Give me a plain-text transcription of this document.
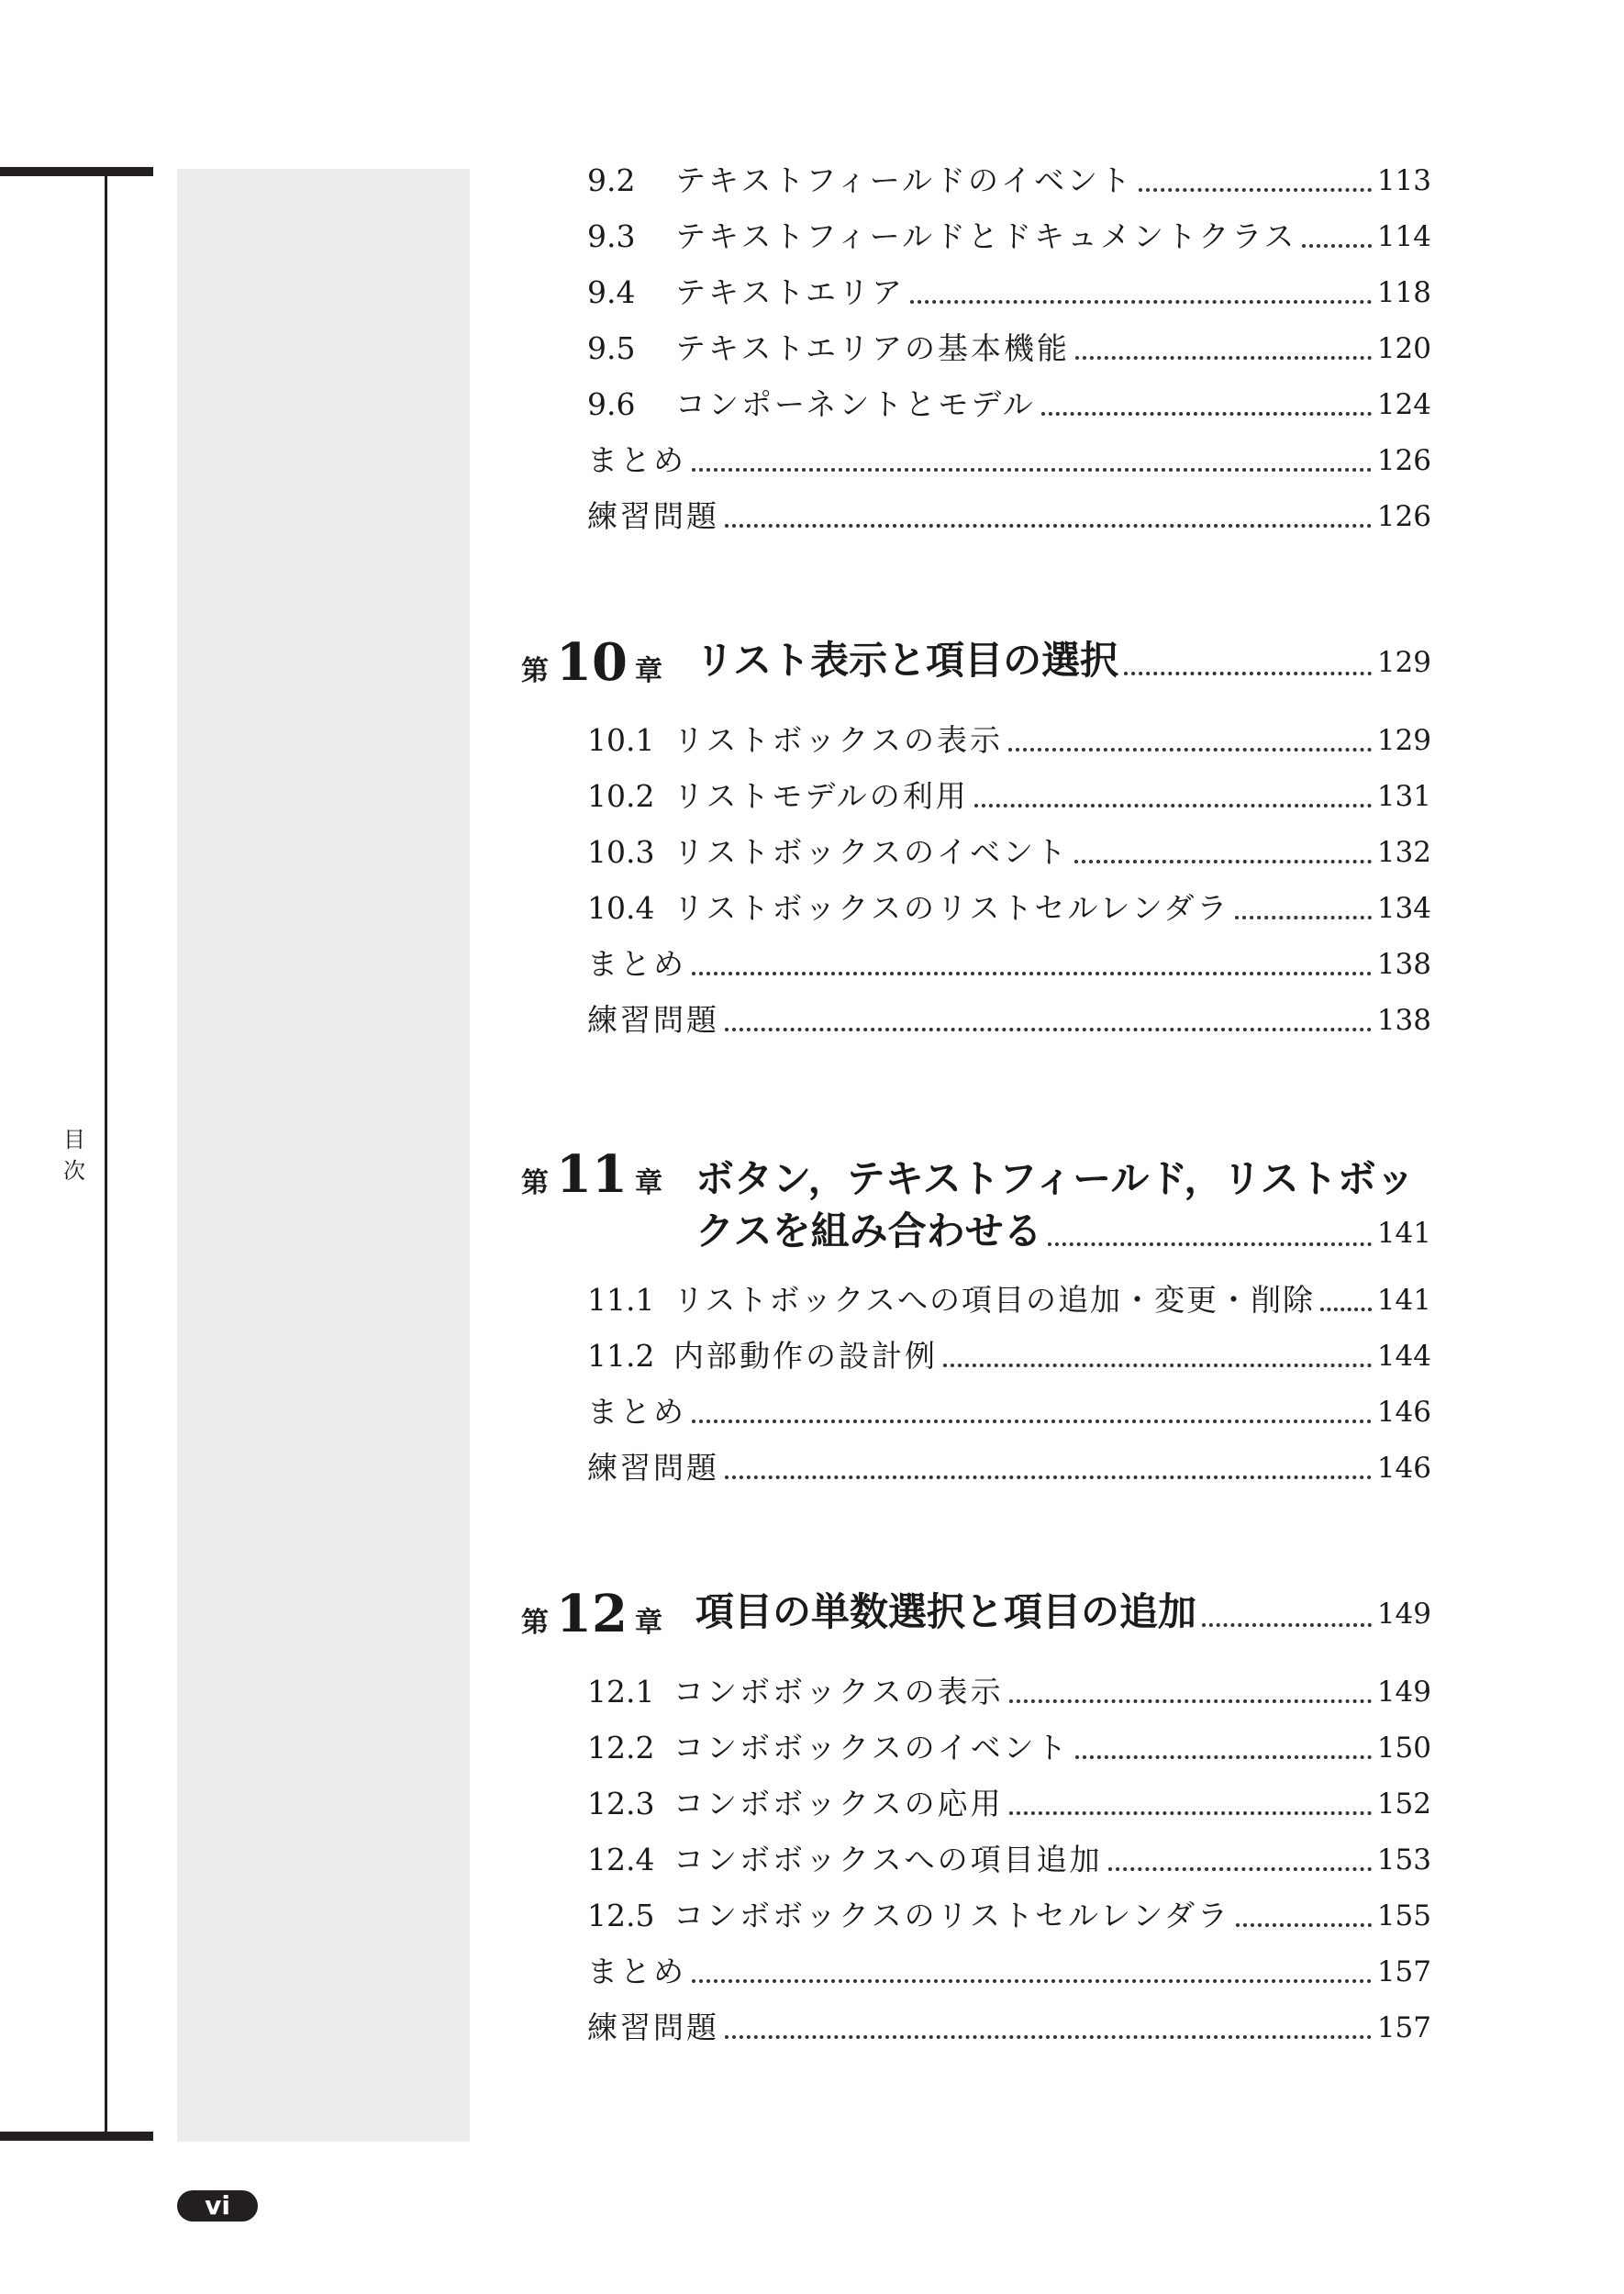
目 次
vi
9.2	テキストフィールドのイベント	113
9.3	テキストフィールドとドキュメントクラス	114
9.4	テキストエリア	118
9.5	テキストエリアの基本機能	120
9.6	コンポーネントとモデル	124
まとめ	126
練習問題	126
第 10 章 リスト表示と項目の選択	129
10.1 リストボックスの表示	129
10.2 リストモデルの利用	131
10.3 リストボックスのイベント	132
10.4 リストボックスのリストセルレンダラ	134
まとめ	138
練習問題	138
第 11 章 ボタン，テキストフィールド，リストボッ
クスを組み合わせる	141
11.1 リストボックスへの項目の追加・変更・削除 141
11.2 内部動作の設計例	144
まとめ	146
練習問題	146
第 12 章 項目の単数選択と項目の追加	149
12.1 コンボボックスの表示	149
12.2 コンボボックスのイベント	150
12.3 コンボボックスの応用	152
12.4 コンボボックスへの項目追加	153
12.5 コンボボックスのリストセルレンダラ	155
まとめ	157
練習問題	157
